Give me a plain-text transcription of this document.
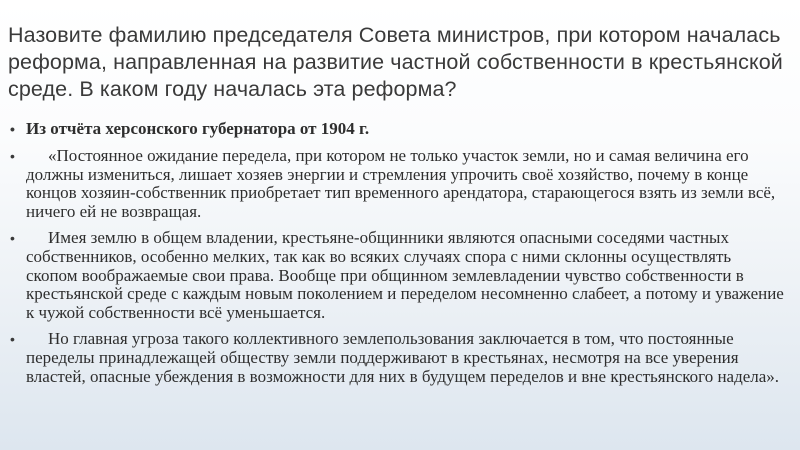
Назовите фамилию председателя Совета министров, при котором началась реформа, направленная на развитие частной собственности в крестьянской среде. В каком году началась эта реформа?
• Из отчёта херсонского губернатора от 1904 г.
• «Постоянное ожидание передела, при котором не только участок земли, но и самая величина его должны измениться, лишает хозяев энергии и стремления упрочить своё хозяйство, почему в конце концов хозяин-собственник приобретает тип временного арендатора, старающегося взять из земли всё, ничего ей не возвращая.
• Имея землю в общем владении, крестьяне-общинники являются опасными соседями частных собственников, особенно мелких, так как во всяких случаях спора с ними склонны осуществлять скопом воображаемые свои права. Вообще при общинном землевладении чувство собственности в крестьянской среде с каждым новым поколением и переделом несомненно слабеет, а потому и уважение к чужой собственности всё уменьшается.
• Но главная угроза такого коллективного землепользования заключается в том, что постоянные переделы принадлежащей обществу земли поддерживают в крестьянах, несмотря на все уверения властей, опасные убеждения в возможности для них в будущем переделов и вне крестьянского надела».
